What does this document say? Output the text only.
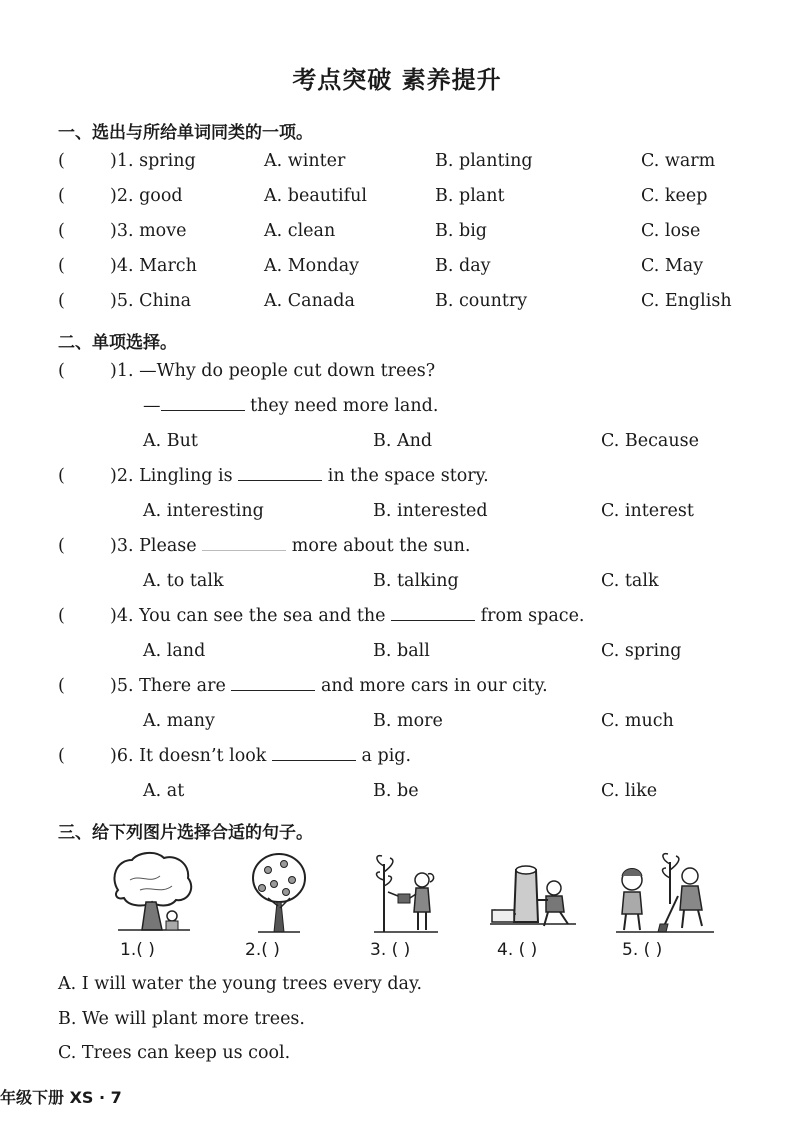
考点突破 素养提升
一、选出与所给单词同类的一项。
(	)1. spring	A. winter	B. planting	C. warm
(	)2. good	A. beautiful	B. plant	C. keep
(	)3. move	A. clean	B. big	C. lose
(	)4. March	A. Monday	B. day	C. May
(	)5. China	A. Canada	B. country	C. English
二、单项选择。
(	)1. —Why do people cut down trees?
—	they need more land.
A. But	B. And	C. Because
(	)2. Lingling is	in the space story.
A. interesting	B. interested	C. interest
(	)3. Please	more about the sun.
A. to talk	B. talking	C. talk
(	)4. You can see the sea and the	from space.
A. land	B. ball	C. spring
(	)5. There are	and more cars in our city.
A. many	B. more	C. much
(	)6. It doesn’t look	a pig.
A. at	B. be	C. like
三、给下列图片选择合适的句子。
1.( )	2.( )	3. ( )	4. ( )	5. ( )
A. I will water the young trees every day.
B. We will plant more trees.
C. Trees can keep us cool.
年级下册 XS · 7
